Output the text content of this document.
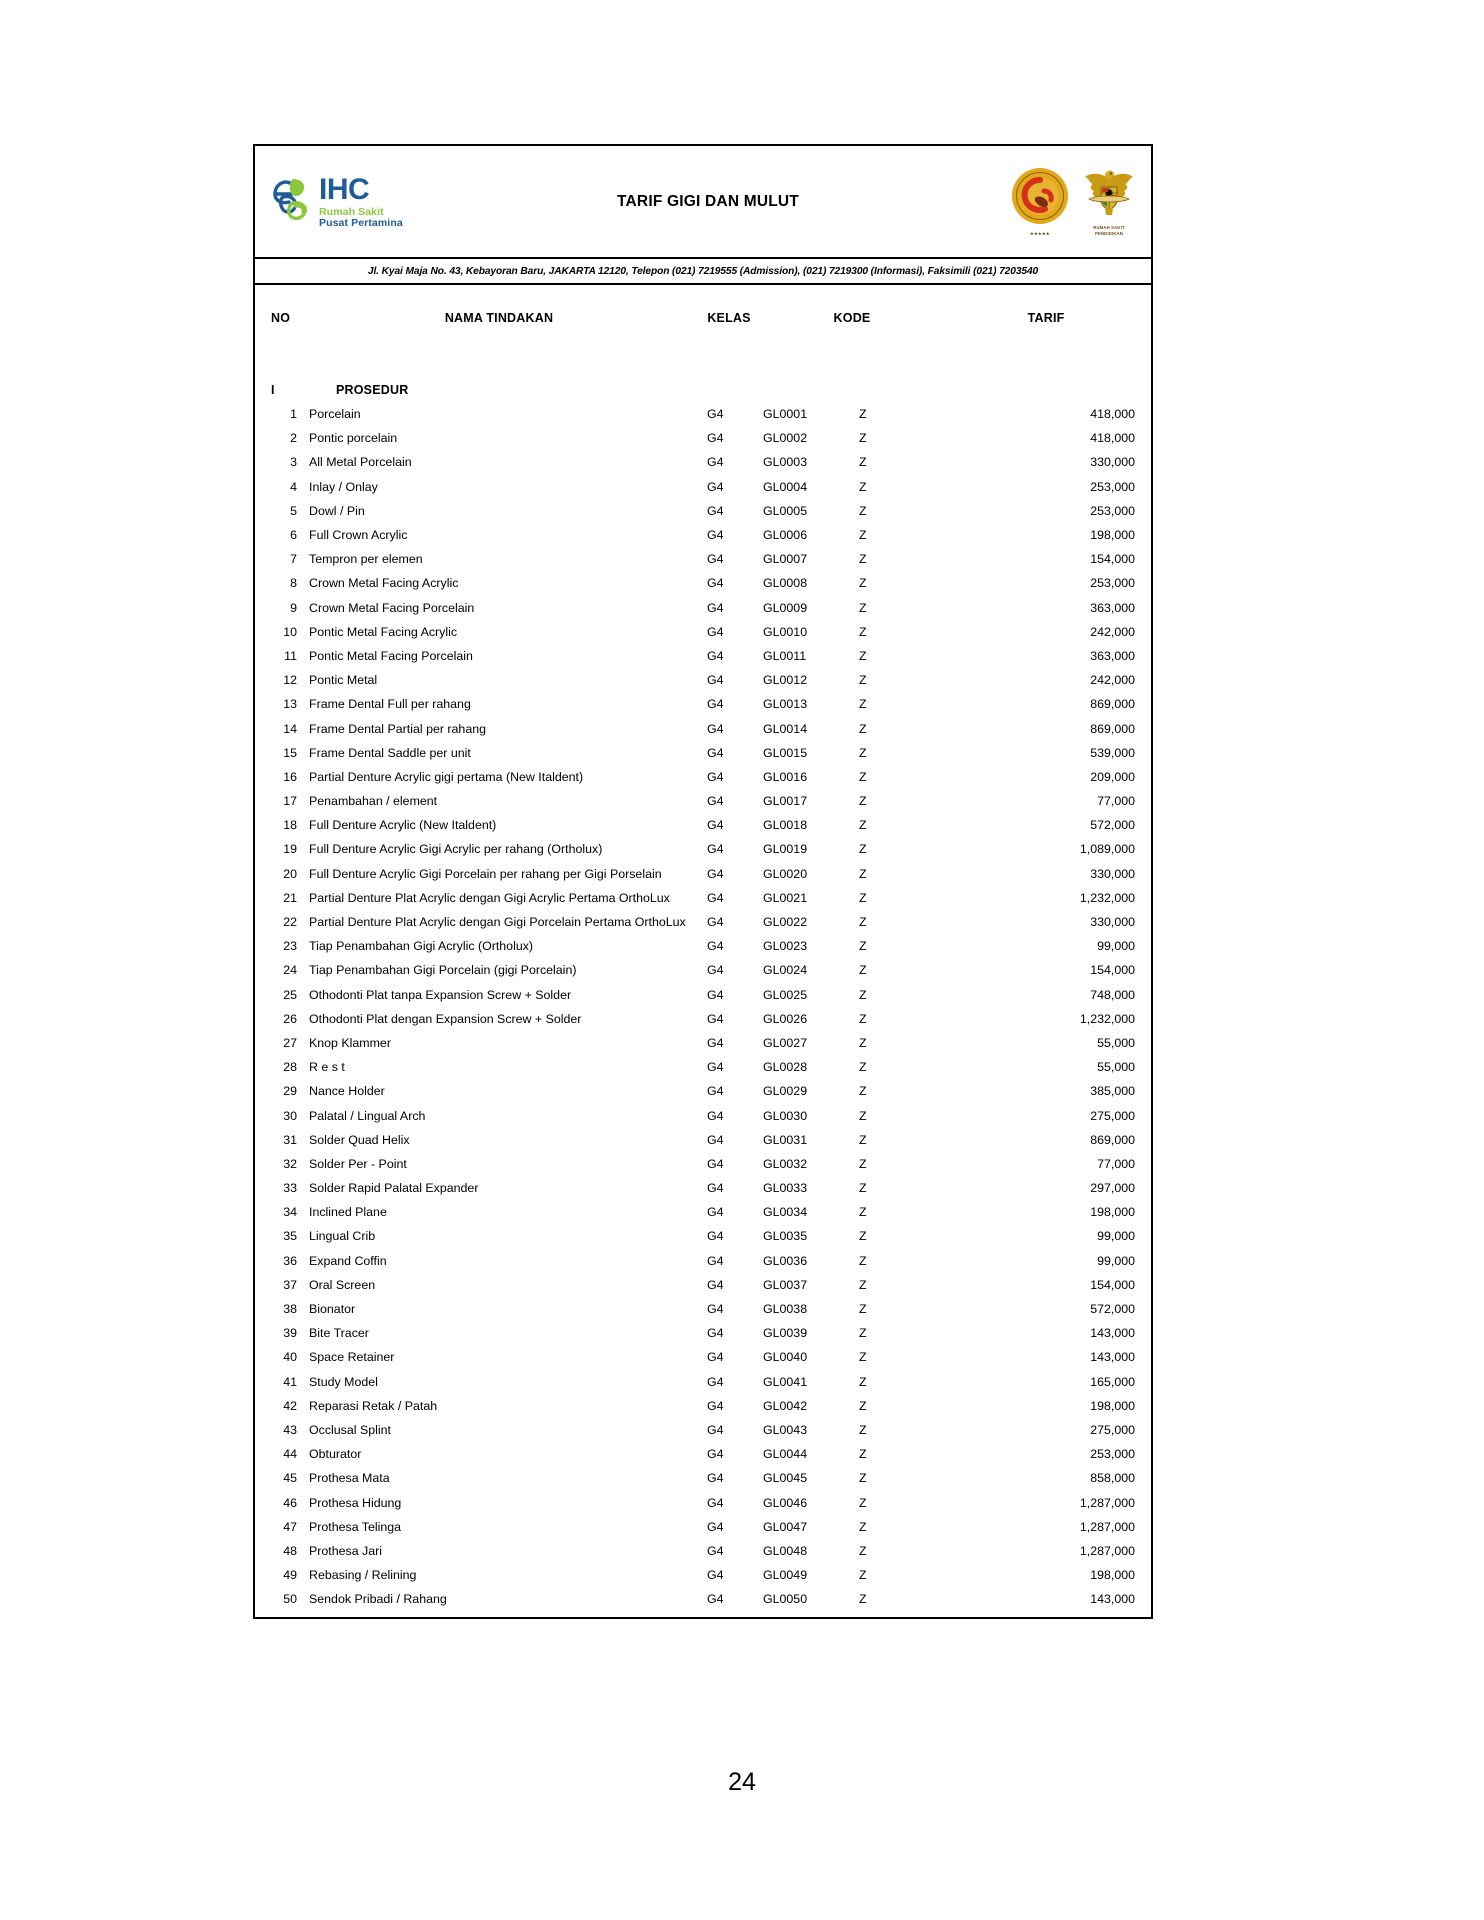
IHC
Rumah Sakit
Pusat Pertamina
TARIF GIGI DAN MULUT
★★★★★
RUMAH SAKIT
PENDIDIKAN
Jl. Kyai Maja No. 43, Kebayoran Baru, JAKARTA 12120, Telepon (021) 7219555 (Admission), (021) 7219300 (Informasi), Faksimili (021) 7203540
NO	NAMA TINDAKAN	KELAS	KODE		TARIF

I	PROSEDUR				
1	Porcelain	G4	GL0001	Z	418,000
2	Pontic porcelain	G4	GL0002	Z	418,000
3	All Metal Porcelain	G4	GL0003	Z	330,000
4	Inlay / Onlay	G4	GL0004	Z	253,000
5	Dowl / Pin	G4	GL0005	Z	253,000
6	Full Crown Acrylic	G4	GL0006	Z	198,000
7	Tempron per elemen	G4	GL0007	Z	154,000
8	Crown Metal Facing Acrylic	G4	GL0008	Z	253,000
9	Crown Metal Facing Porcelain	G4	GL0009	Z	363,000
10	Pontic Metal Facing Acrylic	G4	GL0010	Z	242,000
11	Pontic Metal Facing Porcelain	G4	GL0011	Z	363,000
12	Pontic Metal	G4	GL0012	Z	242,000
13	Frame Dental Full per rahang	G4	GL0013	Z	869,000
14	Frame Dental Partial per rahang	G4	GL0014	Z	869,000
15	Frame Dental Saddle per unit	G4	GL0015	Z	539,000
16	Partial Denture Acrylic gigi pertama (New Italdent)	G4	GL0016	Z	209,000
17	Penambahan / element	G4	GL0017	Z	77,000
18	Full Denture Acrylic (New Italdent)	G4	GL0018	Z	572,000
19	Full Denture Acrylic Gigi Acrylic per rahang (Ortholux)	G4	GL0019	Z	1,089,000
20	Full Denture Acrylic Gigi Porcelain per rahang per Gigi Porselain	G4	GL0020	Z	330,000
21	Partial Denture Plat Acrylic dengan Gigi Acrylic Pertama OrthoLux	G4	GL0021	Z	1,232,000
22	Partial Denture Plat Acrylic dengan Gigi Porcelain Pertama OrthoLux	G4	GL0022	Z	330,000
23	Tiap Penambahan Gigi Acrylic (Ortholux)	G4	GL0023	Z	99,000
24	Tiap Penambahan Gigi Porcelain (gigi Porcelain)	G4	GL0024	Z	154,000
25	Othodonti Plat tanpa Expansion Screw + Solder	G4	GL0025	Z	748,000
26	Othodonti Plat dengan Expansion Screw + Solder	G4	GL0026	Z	1,232,000
27	Knop Klammer	G4	GL0027	Z	55,000
28	R e s t	G4	GL0028	Z	55,000
29	Nance Holder	G4	GL0029	Z	385,000
30	Palatal / Lingual Arch	G4	GL0030	Z	275,000
31	Solder Quad Helix	G4	GL0031	Z	869,000
32	Solder Per - Point	G4	GL0032	Z	77,000
33	Solder Rapid Palatal Expander	G4	GL0033	Z	297,000
34	Inclined Plane	G4	GL0034	Z	198,000
35	Lingual Crib	G4	GL0035	Z	99,000
36	Expand Coffin	G4	GL0036	Z	99,000
37	Oral Screen	G4	GL0037	Z	154,000
38	Bionator	G4	GL0038	Z	572,000
39	Bite Tracer	G4	GL0039	Z	143,000
40	Space Retainer	G4	GL0040	Z	143,000
41	Study Model	G4	GL0041	Z	165,000
42	Reparasi Retak / Patah	G4	GL0042	Z	198,000
43	Occlusal Splint	G4	GL0043	Z	275,000
44	Obturator	G4	GL0044	Z	253,000
45	Prothesa Mata	G4	GL0045	Z	858,000
46	Prothesa Hidung	G4	GL0046	Z	1,287,000
47	Prothesa Telinga	G4	GL0047	Z	1,287,000
48	Prothesa Jari	G4	GL0048	Z	1,287,000
49	Rebasing / Relining	G4	GL0049	Z	198,000
50	Sendok Pribadi / Rahang	G4	GL0050	Z	143,000
24
